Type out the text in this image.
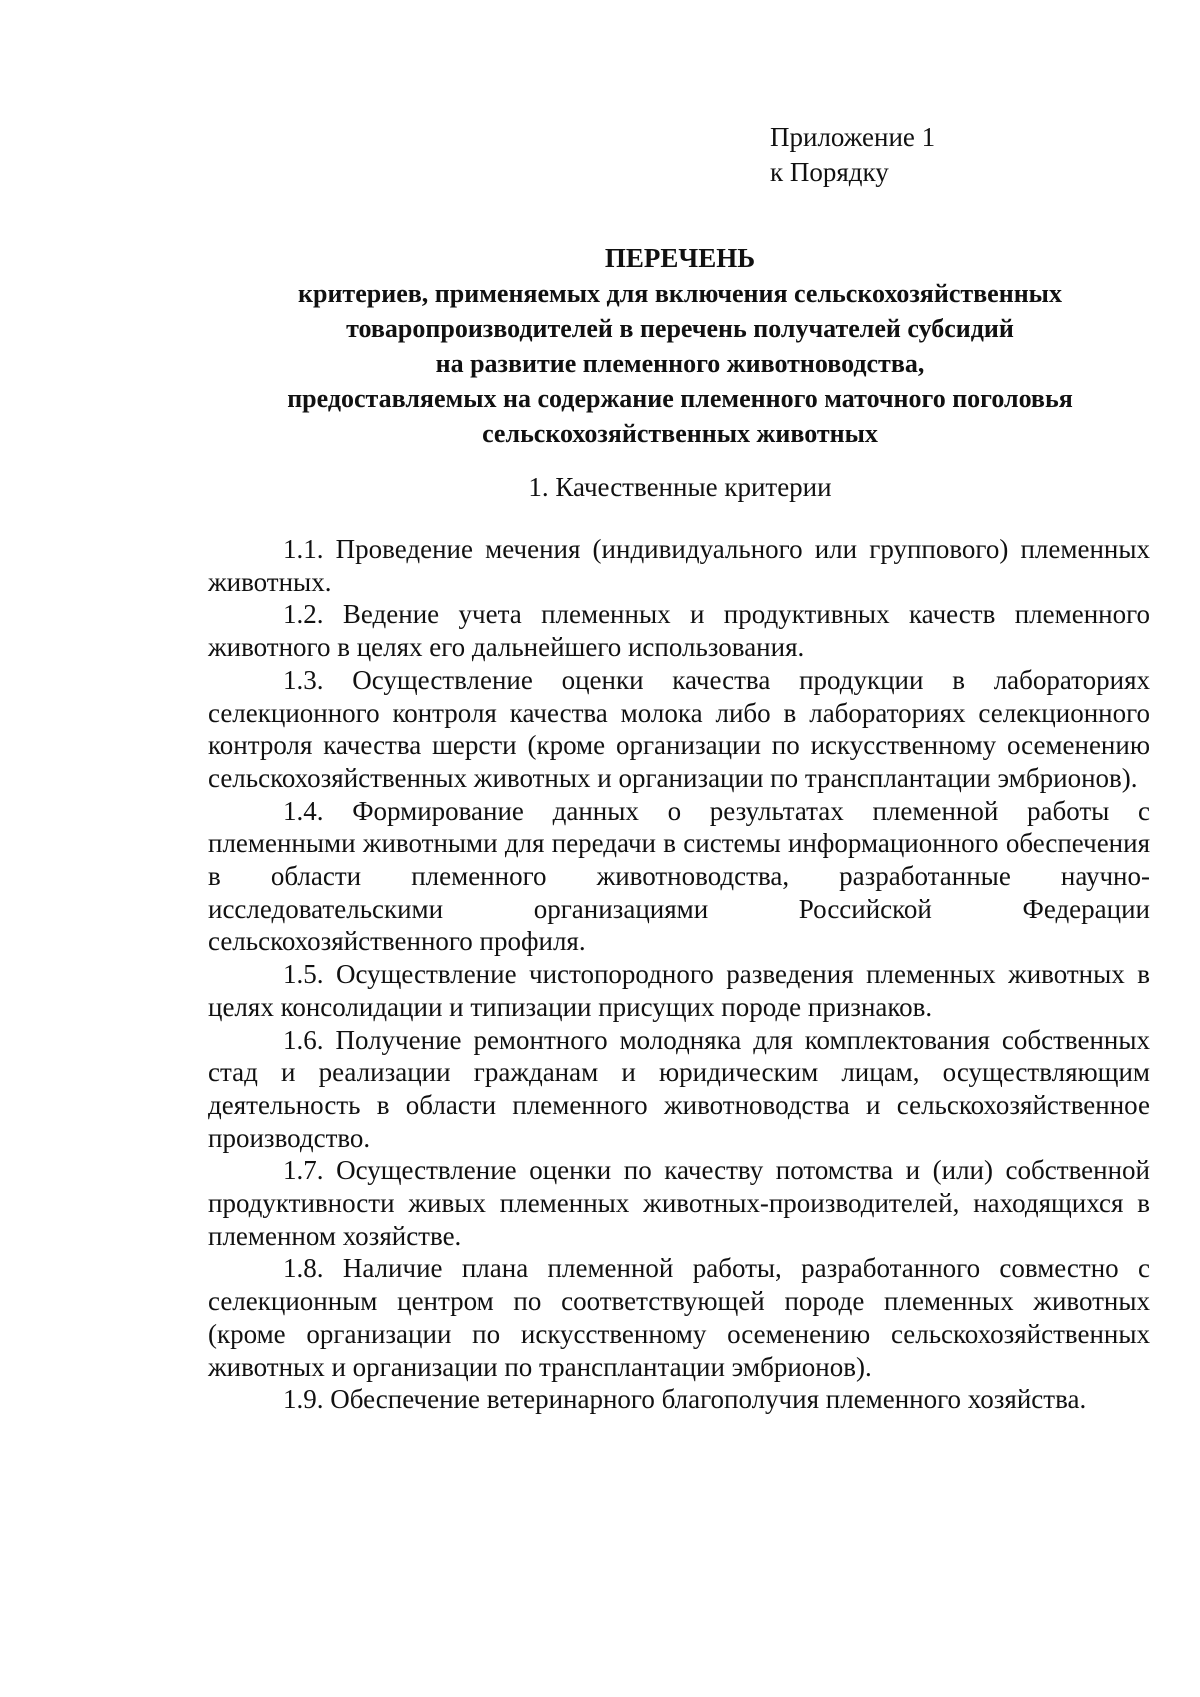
Приложение 1
к Порядку
ПЕРЕЧЕНЬ
критериев, применяемых для включения сельскохозяйственных
товаропроизводителей в перечень получателей субсидий
на развитие племенного животноводства,
предоставляемых на содержание племенного маточного поголовья
сельскохозяйственных животных
1. Качественные критерии

1.1. Проведение мечения (индивидуального или группового) племенных животных.

1.2. Ведение учета племенных и продуктивных качеств племенного животного в целях его дальнейшего использования.

1.3. Осуществление оценки качества продукции в лабораториях селекционного контроля качества молока либо в лабораториях селекционного контроля качества шерсти (кроме организации по искусственному осеменению сельскохозяйственных животных и организации по трансплантации эмбрионов).

1.4. Формирование данных о результатах племенной работы с племенными животными для передачи в системы информационного обеспечения в области племенного животноводства, разработанные научно-исследовательскими организациями Российской Федерации сельскохозяйственного профиля.

1.5. Осуществление чистопородного разведения племенных животных в целях консолидации и типизации присущих породе признаков.

1.6. Получение ремонтного молодняка для комплектования собственных стад и реализации гражданам и юридическим лицам, осуществляющим деятельность в области племенного животноводства и сельскохозяйственное производство.

1.7. Осуществление оценки по качеству потомства и (или) собственной продуктивности живых племенных животных-производителей, находящихся в племенном хозяйстве.

1.8. Наличие плана племенной работы, разработанного совместно с селекционным центром по соответствующей породе племенных животных (кроме организации по искусственному осеменению сельскохозяйственных животных и организации по трансплантации эмбрионов).

1.9. Обеспечение ветеринарного благополучия племенного хозяйства.
